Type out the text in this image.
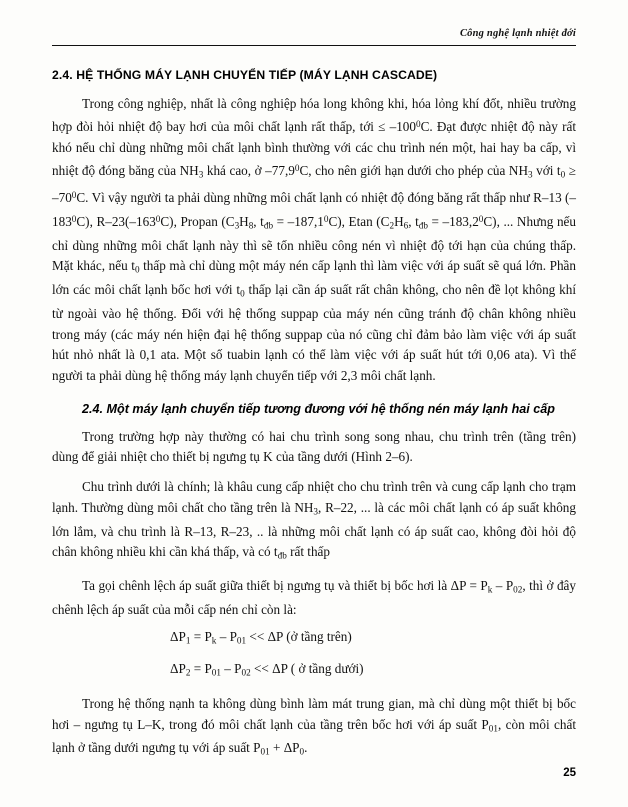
Công nghệ lạnh nhiệt đới
2.4. HỆ THỐNG MÁY LẠNH CHUYỂN TIẾP (MÁY LẠNH CASCADE)

Trong công nghiệp, nhất là công nghiệp hóa long không khi, hóa lỏng khí đốt, nhiều trường hợp đòi hỏi nhiệt độ bay hơi của môi chất lạnh rất thấp, tới ≤ $-100^0C$. Đạt được nhiệt độ này rất khó nếu chỉ dùng những môi chất lạnh bình thường với các chu trình nén một, hai hay ba cấp, vì nhiệt độ đóng băng của $NH_3$ khá cao, ở –77,9$^0$C, cho nên giới hạn dưới cho phép của $NH_3$ với $t_0 \ge -70^0C$. Vì vậy người ta phải dùng những môi chất lạnh có nhiệt độ đóng băng rất thấp như R–13 $(-183^0C)$, $R-23(-163^0C)$, Propan ($C_3H_8$, $t_{đb} = -187,1^0C$), Etan ($C_2H_6$, $t_{đb} = -183,2^0C$), ... Nhưng nếu chỉ dùng những môi chất lạnh này thì sẽ tốn nhiều công nén vì nhiệt độ tới hạn của chúng thấp. Mặt khác, nếu $t_0$ thấp mà chỉ dùng một máy nén cấp lạnh thì làm việc với áp suất sẽ quá lớn. Phần lớn các môi chất lạnh bốc hơi với $t_0$ thấp lại cần áp suất rất chân không, cho nên đề lọt không khí từ ngoài vào hệ thống. Đối với hệ thống suppap của máy nén cũng tránh độ chân không nhiều trong máy (các máy nén hiện đại hệ thống suppap của nó cũng chỉ đảm bảo làm việc với áp suất hút nhỏ nhất là 0,1 ata. Một số tuabin lạnh có thể làm việc với áp suất hút tới 0,06 ata). Vì thế người ta phải dùng hệ thống máy lạnh chuyển tiếp với 2,3 môi chất lạnh.

2.4. Một máy lạnh chuyển tiếp tương đương với hệ thống nén máy lạnh hai cấp

Trong trường hợp này thường có hai chu trình song song nhau, chu trình trên (tầng trên) dùng để giải nhiệt cho thiết bị ngưng tụ K của tầng dưới (Hình 2–6).

Chu trình dưới là chính; là khâu cung cấp nhiệt cho chu trình trên và cung cấp lạnh cho trạm lạnh. Thường dùng môi chất cho tầng trên là $NH_3$, R–22, ... là các môi chất lạnh có áp suất không lớn lắm, và chu trình là R–13, R–23, .. là những môi chất lạnh có áp suất cao, không đòi hỏi độ chân không nhiều khi cần khá thấp, và có $t_{đb}$ rất thấp

Ta gọi chênh lệch áp suất giữa thiết bị ngưng tụ và thiết bị bốc hơi là $\Delta P = P_k - P_{02}$, thì ở đây chênh lệch áp suất của mỗi cấp nén chỉ còn là:

$\Delta P_1 = P_k - P_{01} << \Delta P$ (ở tầng trên)
$\Delta P_2 = P_{01} - P_{02} << \Delta P$ ( ở tầng dưới)

Trong hệ thống nạnh ta không dùng bình làm mát trung gian, mà chỉ dùng một thiết bị bốc hơi – ngưng tụ L–K, trong đó môi chất lạnh của tầng trên bốc hơi với áp suất $P_{01}$, còn môi chất lạnh ở tầng dưới ngưng tụ với áp suất $P_{01} + \Delta P_0$.

25
